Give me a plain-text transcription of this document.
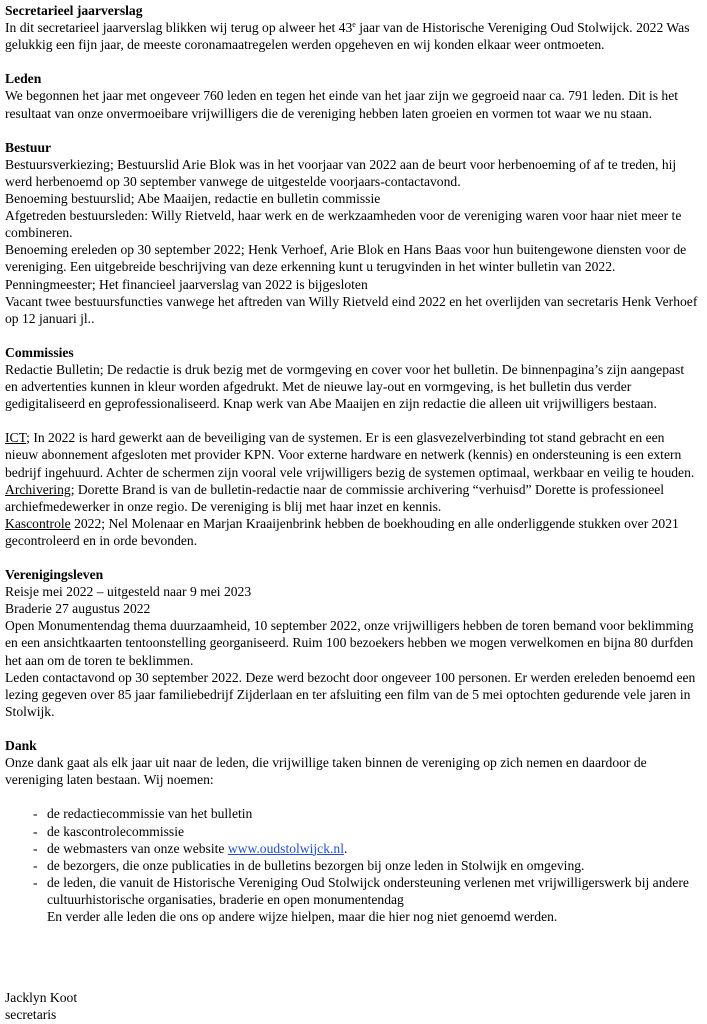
Secretarieel jaarverslag

In dit secretarieel jaarverslag blikken wij terug op alweer het 43e jaar van de Historische Vereniging Oud Stolwijck. 2022 Was gelukkig een fijn jaar, de meeste coronamaatregelen werden opgeheven en wij konden elkaar weer ontmoeten.

Leden

We begonnen het jaar met ongeveer 760 leden en tegen het einde van het jaar zijn we gegroeid naar ca. 791 leden. Dit is het resultaat van onze onvermoeibare vrijwilligers die de vereniging hebben laten groeien en vormen tot waar we nu staan.

Bestuur

Bestuursverkiezing; Bestuurslid Arie Blok was in het voorjaar van 2022 aan de beurt voor herbenoeming of af te treden, hij werd herbenoemd op 30 september vanwege de uitgestelde voorjaars-contactavond.

Benoeming bestuurslid; Abe Maaijen, redactie en bulletin commissie

Afgetreden bestuursleden: Willy Rietveld, haar werk en de werkzaamheden voor de vereniging waren voor haar niet meer te combineren.

Benoeming ereleden op 30 september 2022; Henk Verhoef, Arie Blok en Hans Baas voor hun buitengewone diensten voor de vereniging. Een uitgebreide beschrijving van deze erkenning kunt u terugvinden in het winter bulletin van 2022.

Penningmeester; Het financieel jaarverslag van 2022 is bijgesloten

Vacant twee bestuursfuncties vanwege het aftreden van Willy Rietveld eind 2022 en het overlijden van secretaris Henk Verhoef op 12 januari jl..

Commissies

Redactie Bulletin; De redactie is druk bezig met de vormgeving en cover voor het bulletin. De binnenpagina’s zijn aangepast en advertenties kunnen in kleur worden afgedrukt. Met de nieuwe lay-out en vormgeving, is het bulletin dus verder gedigitaliseerd en geprofessionaliseerd. Knap werk van Abe Maaijen en zijn redactie die alleen uit vrijwilligers bestaan.

ICT; In 2022 is hard gewerkt aan de beveiliging van de systemen. Er is een glasvezelverbinding tot stand gebracht en een nieuw abonnement afgesloten met provider KPN. Voor externe hardware en netwerk (kennis) en ondersteuning is een extern bedrijf ingehuurd. Achter de schermen zijn vooral vele vrijwilligers bezig de systemen optimaal, werkbaar en veilig te houden.

Archivering; Dorette Brand is van de bulletin-redactie naar de commissie archivering “verhuisd” Dorette is professioneel archiefmedewerker in onze regio. De vereniging is blij met haar inzet en kennis.

Kascontrole 2022; Nel Molenaar en Marjan Kraaijenbrink hebben de boekhouding en alle onderliggende stukken over 2021 gecontroleerd en in orde bevonden.

Verenigingsleven

Reisje mei 2022 – uitgesteld naar 9 mei 2023

Braderie 27 augustus 2022

Open Monumentendag thema duurzaamheid, 10 september 2022, onze vrijwilligers hebben de toren bemand voor beklimming en een ansichtkaarten tentoonstelling georganiseerd. Ruim 100 bezoekers hebben we mogen verwelkomen en bijna 80 durfden het aan om de toren te beklimmen.

Leden contactavond op 30 september 2022. Deze werd bezocht door ongeveer 100 personen. Er werden ereleden benoemd een lezing gegeven over 85 jaar familiebedrijf Zijderlaan en ter afsluiting een film van de 5 mei optochten gedurende vele jaren in Stolwijk.

Dank

Onze dank gaat als elk jaar uit naar de leden, die vrijwillige taken binnen de vereniging op zich nemen en daardoor de vereniging laten bestaan. Wij noemen:

- de redactiecommissie van het bulletin
- de kascontrolecommissie
- de webmasters van onze website www.oudstolwijck.nl.
- de bezorgers, die onze publicaties in de bulletins bezorgen bij onze leden in Stolwijk en omgeving.
- de leden, die vanuit de Historische Vereniging Oud Stolwijck ondersteuning verlenen met vrijwilligerswerk bij andere cultuurhistorische organisaties, braderie en open monumentendag

En verder alle leden die ons op andere wijze hielpen, maar die hier nog niet genoemd werden.

Jacklyn Koot

secretaris
